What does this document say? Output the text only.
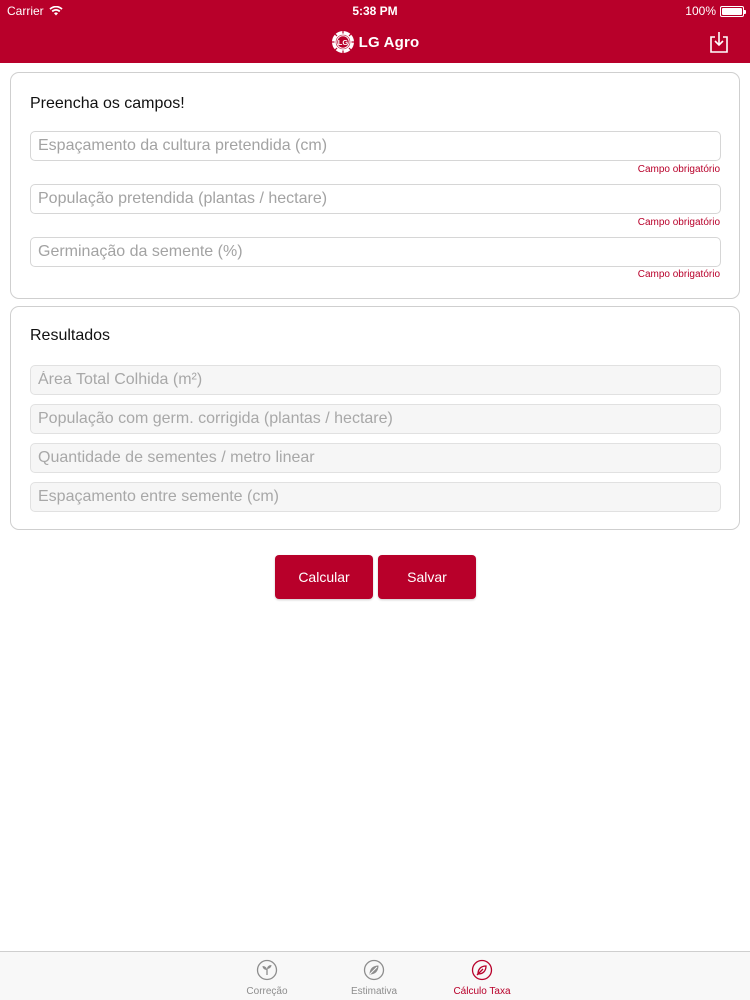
Carrier	5:38 PM	100%
LG LG Agro
Preencha os campos!
Espaçamento da cultura pretendida (cm)
Campo obrigatório
População pretendida (plantas / hectare)
Campo obrigatório
Germinação da semente (%)
Campo obrigatório
Resultados
Área Total Colhida (m²)
População com germ. corrigida (plantas / hectare)
Quantidade de sementes / metro linear
Espaçamento entre semente (cm)
Calcular	Salvar
Correção	Estimativa	Cálculo Taxa
